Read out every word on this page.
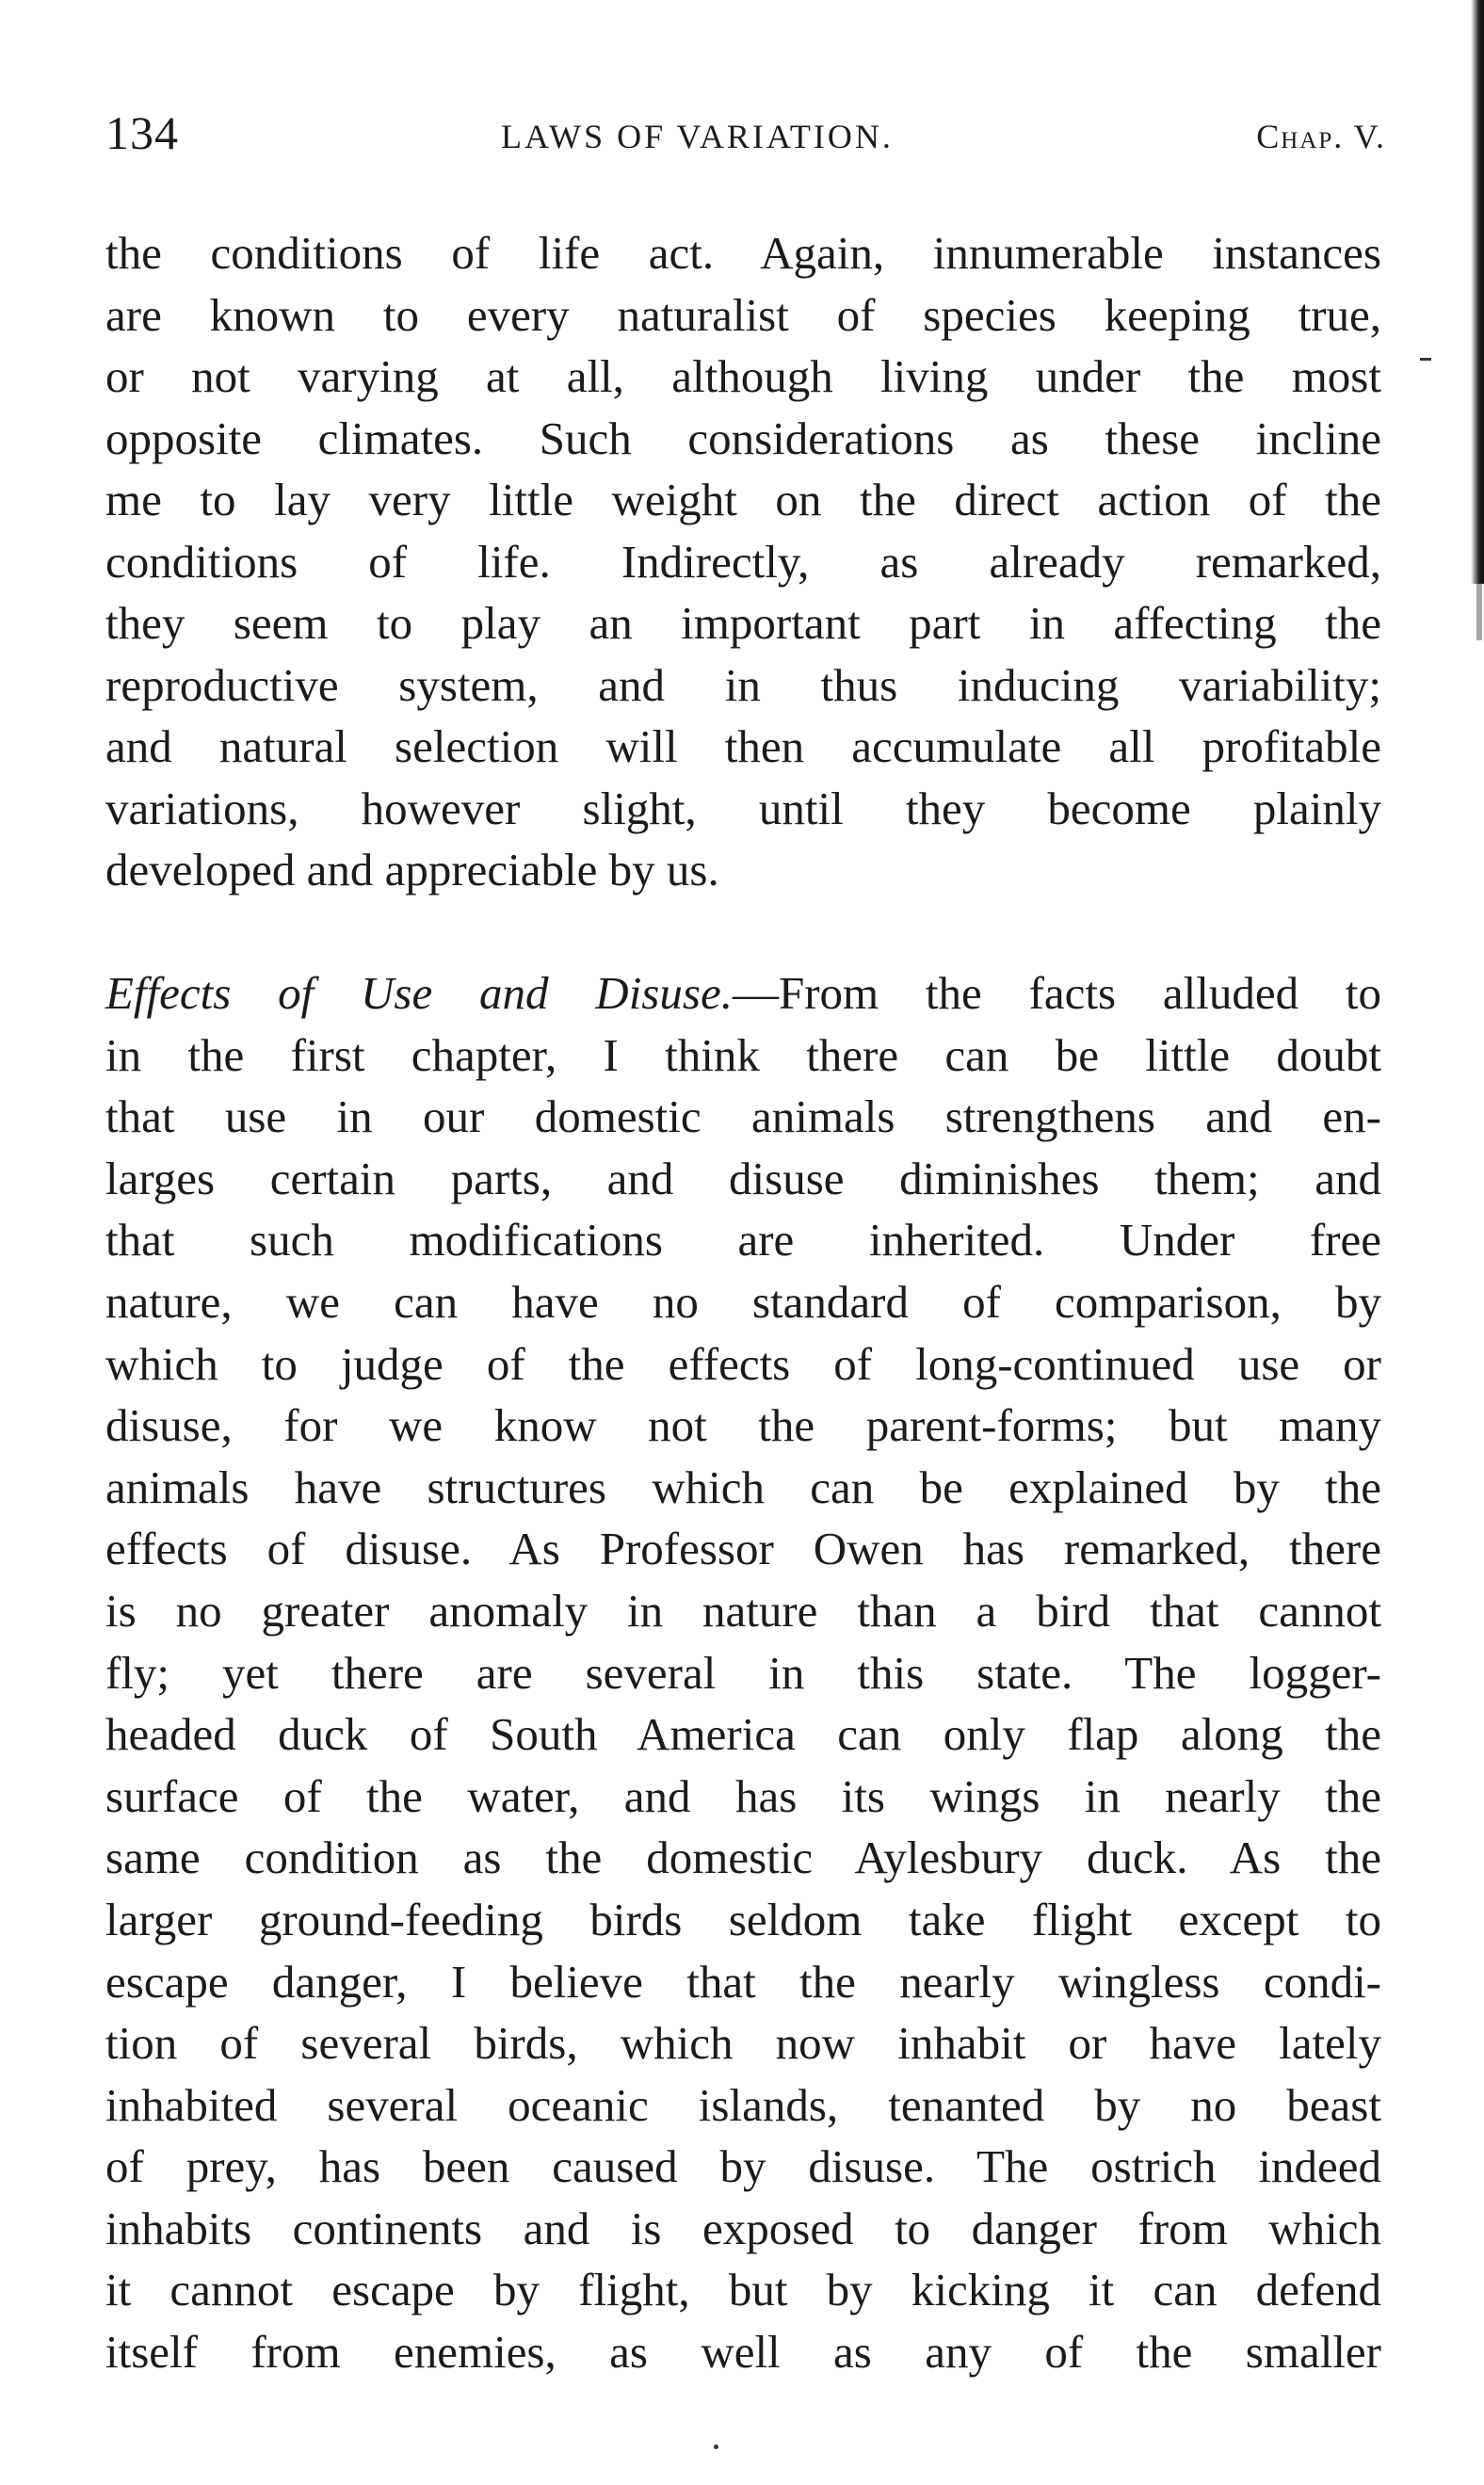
134	LAWS OF VARIATION.	Chap. V.
the conditions of life act. Again, innumerable instances
are known to every naturalist of species keeping true,
or not varying at all, although living under the most
opposite climates. Such considerations as these incline
me to lay very little weight on the direct action of the
conditions of life. Indirectly, as already remarked,
they seem to play an important part in affecting the
reproductive system, and in thus inducing variability;
and natural selection will then accumulate all profitable
variations, however slight, until they become plainly
developed and appreciable by us.
Effects of Use and Disuse.—From the facts alluded to
in the first chapter, I think there can be little doubt
that use in our domestic animals strengthens and en-
larges certain parts, and disuse diminishes them; and
that such modifications are inherited. Under free
nature, we can have no standard of comparison, by
which to judge of the effects of long-continued use or
disuse, for we know not the parent-forms; but many
animals have structures which can be explained by the
effects of disuse. As Professor Owen has remarked, there
is no greater anomaly in nature than a bird that cannot
fly; yet there are several in this state. The logger-
headed duck of South America can only flap along the
surface of the water, and has its wings in nearly the
same condition as the domestic Aylesbury duck. As the
larger ground-feeding birds seldom take flight except to
escape danger, I believe that the nearly wingless condi-
tion of several birds, which now inhabit or have lately
inhabited several oceanic islands, tenanted by no beast
of prey, has been caused by disuse. The ostrich indeed
inhabits continents and is exposed to danger from which
it cannot escape by flight, but by kicking it can defend
itself from enemies, as well as any of the smaller
